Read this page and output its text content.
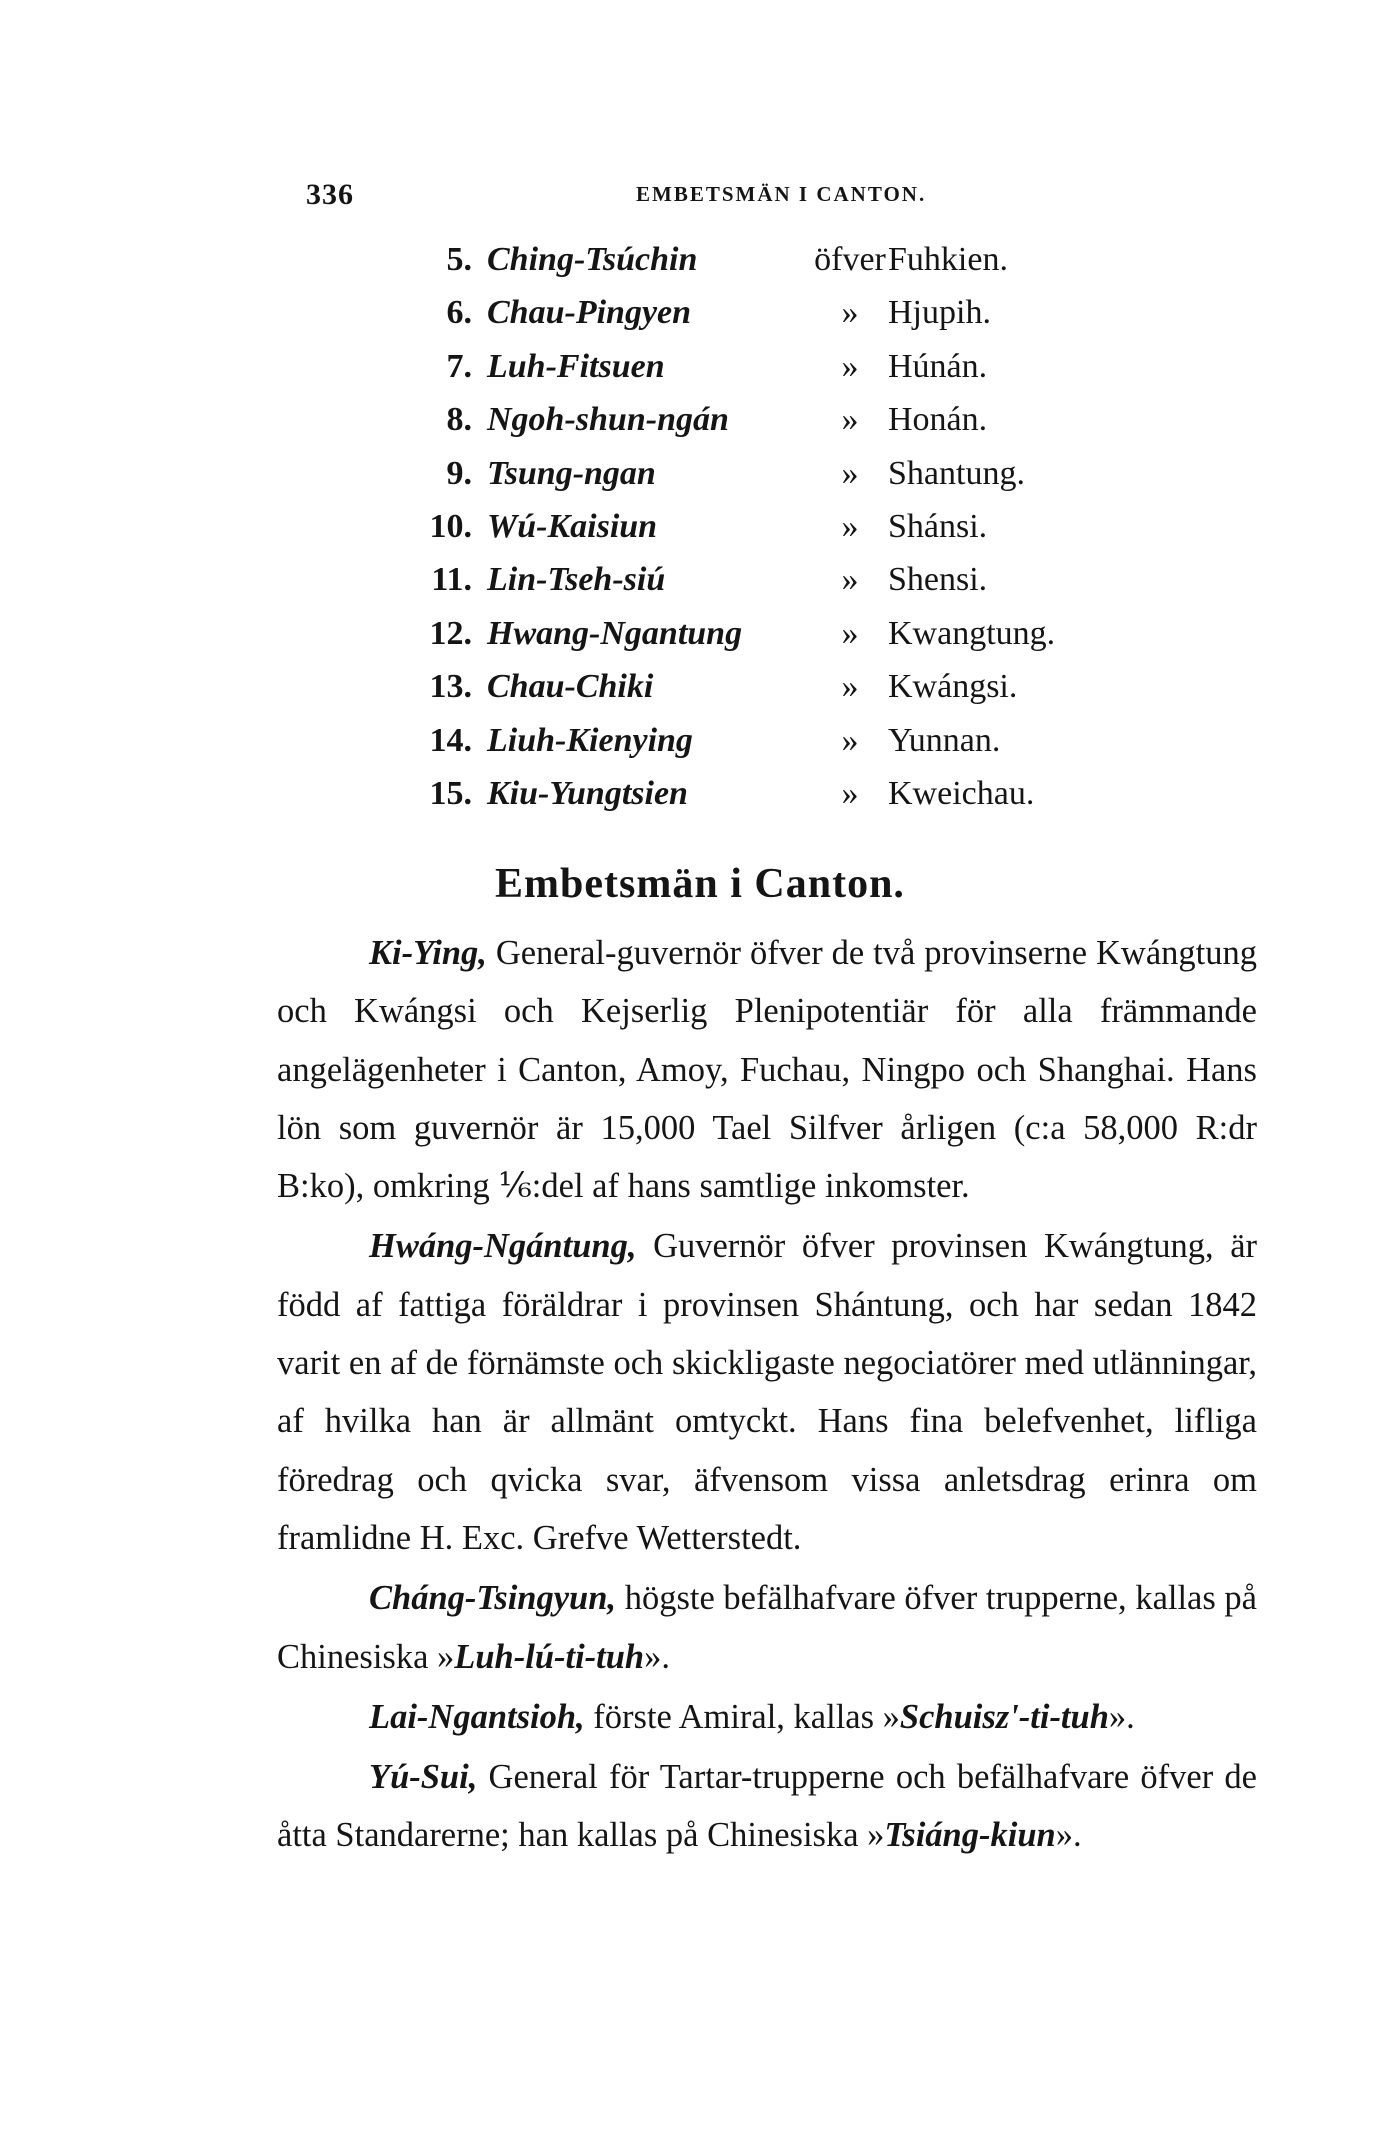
336	EMBETSMÄN I CANTON.
5. Ching-Tsúchin	öfver Fuhkien.
6. Chau-Pingyen	» Hjupih.
7. Luh-Fitsuen	» Húnán.
8. Ngoh-shun-ngán	» Honán.
9. Tsung-ngan	» Shantung.
10. Wú-Kaisiun	» Shánsi.
11. Lin-Tseh-siú	» Shensi.
12. Hwang-Ngantung	» Kwangtung.
13. Chau-Chiki	» Kwángsi.
14. Liuh-Kienying	» Yunnan.
15. Kiu-Yungtsien	» Kweichau.
Embetsmän i Canton.

Ki-Ying, General-guvernör öfver de två provinserne Kwángtung och Kwángsi och Kejserlig Plenipotentiär för alla främmande angelägenheter i Canton, Amoy, Fuchau, Ningpo och Shanghai. Hans lön som guvernör är 15,000 Tael Silfver årligen (c:a 58,000 R:dr B:ko), omkring ⅙:del af hans samtlige inkomster.

Hwáng-Ngántung, Guvernör öfver provinsen Kwángtung, är född af fattiga föräldrar i provinsen Shántung, och har sedan 1842 varit en af de förnämste och skickligaste negociatörer med utlänningar, af hvilka han är allmänt omtyckt. Hans fina belefvenhet, lifliga föredrag och qvicka svar, äfvensom vissa anletsdrag erinra om framlidne H. Exc. Grefve Wetterstedt.

Cháng-Tsingyun, högste befälhafvare öfver trupperne, kallas på Chinesiska »Luh-lú-ti-tuh».

Lai-Ngantsioh, förste Amiral, kallas »Schuisz'-ti-tuh».

Yú-Sui, General för Tartar-trupperne och befälhafvare öfver de åtta Standarerne; han kallas på Chinesiska »Tsiáng-kiun».
